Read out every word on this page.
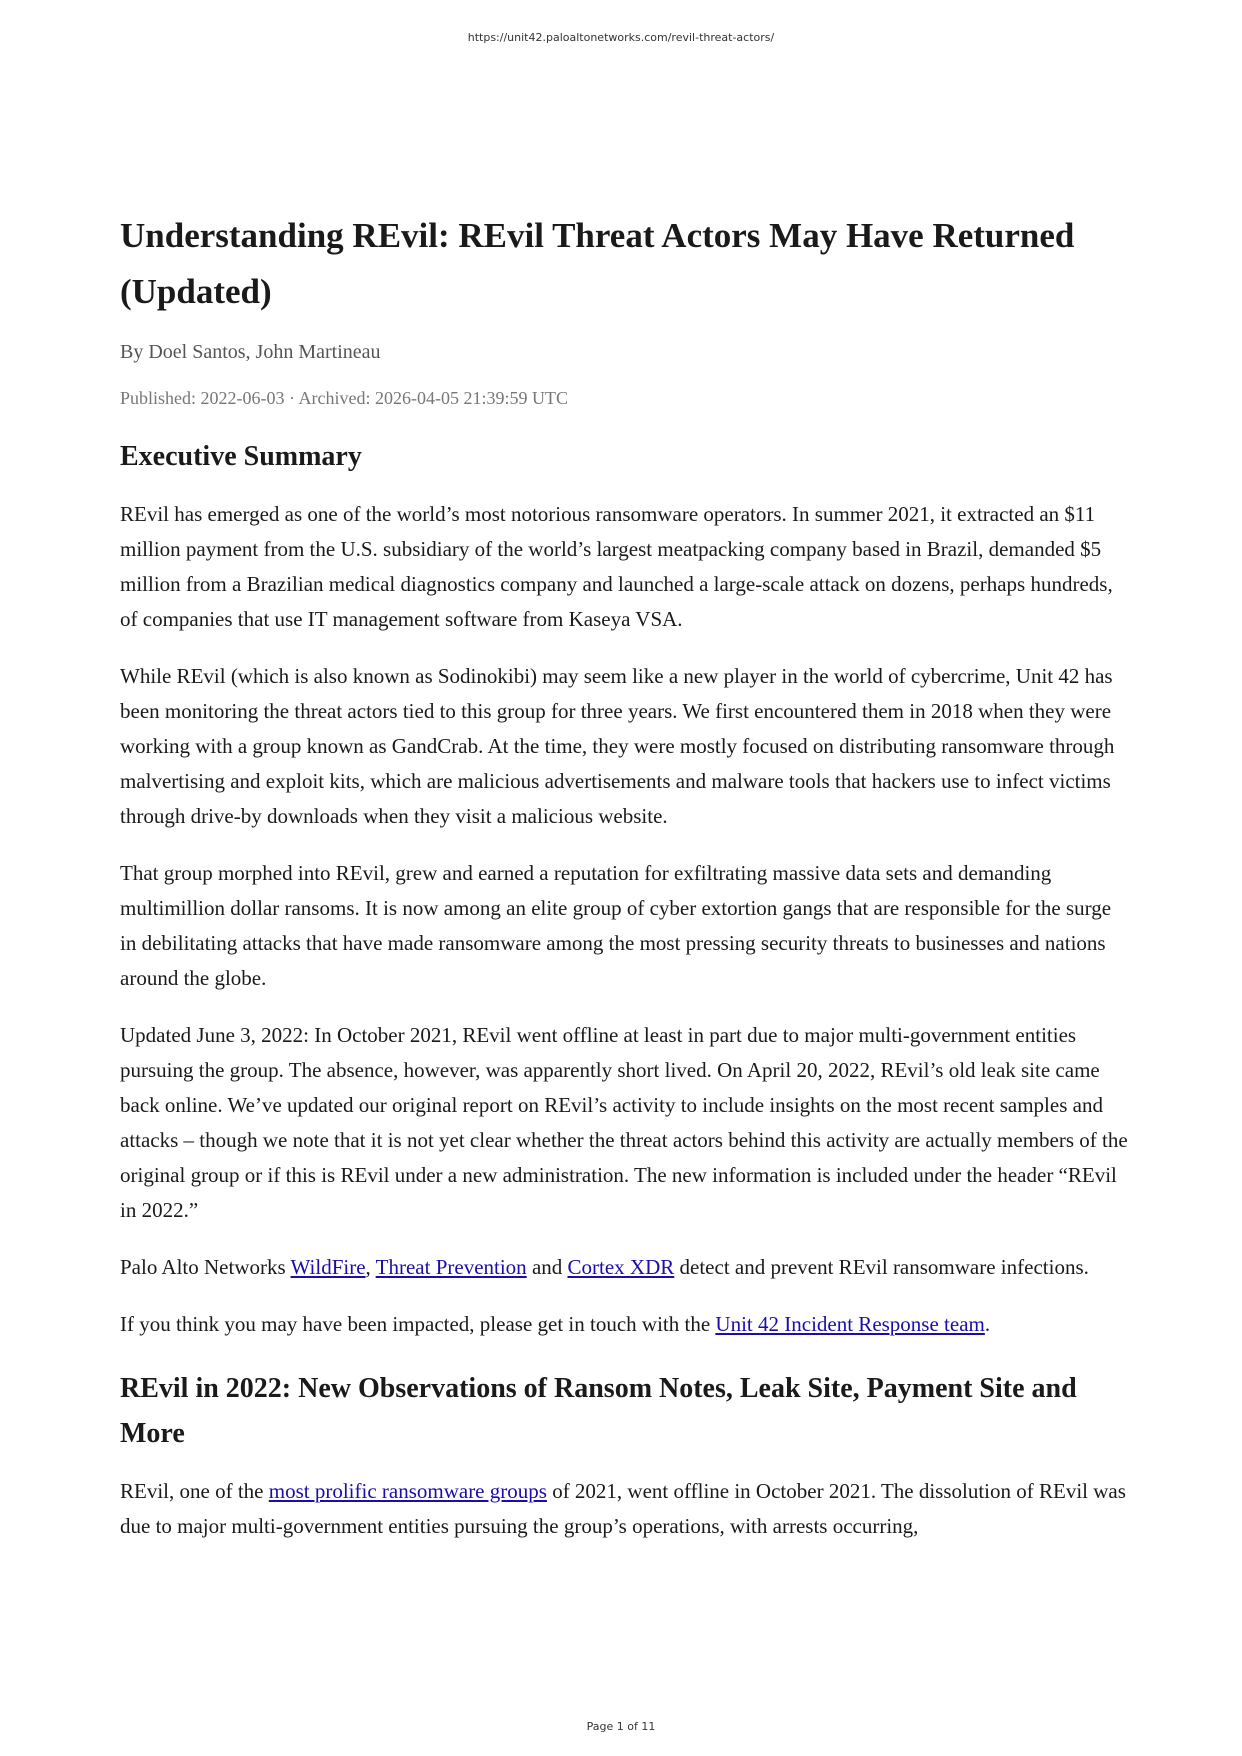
https://unit42.paloaltonetworks.com/revil-threat-actors/
Understanding REvil: REvil Threat Actors May Have Returned (Updated)
By Doel Santos, John Martineau
Published: 2022-06-03 · Archived: 2026-04-05 21:39:59 UTC
Executive Summary

REvil has emerged as one of the world’s most notorious ransomware operators. In summer 2021, it extracted an $11 million payment from the U.S. subsidiary of the world’s largest meatpacking company based in Brazil, demanded $5 million from a Brazilian medical diagnostics company and launched a large-scale attack on dozens, perhaps hundreds, of companies that use IT management software from Kaseya VSA.

While REvil (which is also known as Sodinokibi) may seem like a new player in the world of cybercrime, Unit 42 has been monitoring the threat actors tied to this group for three years. We first encountered them in 2018 when they were working with a group known as GandCrab. At the time, they were mostly focused on distributing ransomware through malvertising and exploit kits, which are malicious advertisements and malware tools that hackers use to infect victims through drive-by downloads when they visit a malicious website.

That group morphed into REvil, grew and earned a reputation for exfiltrating massive data sets and demanding multimillion dollar ransoms. It is now among an elite group of cyber extortion gangs that are responsible for the surge in debilitating attacks that have made ransomware among the most pressing security threats to businesses and nations around the globe.

Updated June 3, 2022: In October 2021, REvil went offline at least in part due to major multi-government entities pursuing the group. The absence, however, was apparently short lived. On April 20, 2022, REvil’s old leak site came back online. We’ve updated our original report on REvil’s activity to include insights on the most recent samples and attacks – though we note that it is not yet clear whether the threat actors behind this activity are actually members of the original group or if this is REvil under a new administration. The new information is included under the header “REvil in 2022.”

Palo Alto Networks WildFire, Threat Prevention and Cortex XDR detect and prevent REvil ransomware infections.

If you think you may have been impacted, please get in touch with the Unit 42 Incident Response team.

REvil in 2022: New Observations of Ransom Notes, Leak Site, Payment Site and More

REvil, one of the most prolific ransomware groups of 2021, went offline in October 2021. The dissolution of REvil was due to major multi-government entities pursuing the group’s operations, with arrests occurring,

Page 1 of 11
